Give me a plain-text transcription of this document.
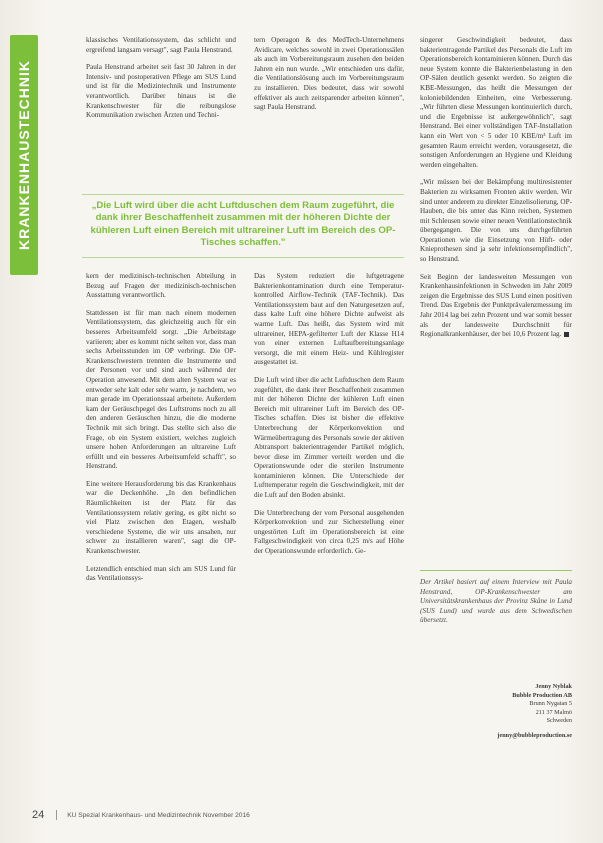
KRANKENHAUSTECHNIK

klassisches Ventilationssystem, das schlicht und ergreifend langsam versagt", sagt Paula Henstrand.

Paula Henstrand arbeitet seit fast 30 Jahren in der Intensiv- und postoperativen Pflege am SUS Lund und ist für die Medizintechnik und Instrumente verantwortlich. Darüber hinaus ist die Krankenschwester für die reibungslose Kommunikation zwischen Ärzten und Techni-

tern Operagon & des MedTech-Unternehmens Avidicare, welches sowohl in zwei Operationssälen als auch im Vorbereitungsraum zusehen den beiden Jahren ein nun wurde. „Wir entschieden uns dafür, die Ventilationslösung auch im Vorbereitungsraum zu installieren. Dies bedeutet, dass wir sowohl effektiver als auch zeitsparender arbeiten können", sagt Paula Henstrand.

„Die Luft wird über die acht Luftduschen dem Raum zugeführt, die dank ihrer Beschaffenheit zusammen mit der höheren Dichte der kühleren Luft einen Bereich mit ultrareiner Luft im Bereich des OP-Tisches schaffen."

kern der medizinisch-technischen Abteilung in Bezug auf Fragen der medizinisch-technischen Ausstattung verantwortlich.

Stattdessen ist für man nach einem modernen Ventilationssystem, das gleichzeitig auch für ein besseres Arbeitsumfeld sorgt. „Die Arbeitstage variieren; aber es kommt nicht selten vor, dass man sechs Arbeitsstunden im OP verbringt. Die OP-Krankenschwestern trennten die Instrumente und der Personen vor und sind auch während der Operation anwesend. Mit dem alten System war es entweder sehr kalt oder sehr warm, je nachdem, wo man gerade im Operationssaal arbeitete. Außerdem kam der Geräuschpegel des Luftstroms noch zu all den anderen Geräuschen hinzu, die die moderne Technik mit sich bringt. Das stellte sich also die Frage, ob ein System existiert, welches zugleich unsere hohen Anforderungen an ultrareine Luft erfüllt und ein besseres Arbeitsumfeld schafft", so Henstrand.

Eine weitere Herausforderung bis das Krankenhaus war die Deckenhöhe. „In den befindlichen Räumlichkeiten ist der Platz für das Ventilationssystem relativ gering, es gibt nicht so viel Platz zwischen den Etagen, weshalb verschiedene Systeme, die wir uns ansahen, nur schwer zu installieren waren", sagt die OP-Krankenschwester.

Letztendlich entschied man sich am SUS Lund für das Ventilationssys-

Das System reduziert die luftgetragene Bakterienkontamination durch eine Temperatur-kontrolled Airflow-Technik (TAF-Technik). Das Ventilationssystem baut auf den Naturgesetzen auf, dass kalte Luft eine höhere Dichte aufweist als warme Luft. Das heißt, das System wird mit ultrareiner, HEPA-gefilterter Luft der Klasse H14 von einer externen Luftaufbereitungsanlage versorgt, die mit einem Heiz- und Kühlregister ausgestattet ist.

Die Luft wird über die acht Luftduschen dem Raum zugeführt, die dank ihrer Beschaffenheit zusammen mit der höheren Dichte der kühleren Luft einen Bereich mit ultrareiner Luft im Bereich des OP-Tisches schaffen. Dies ist bisher die effektive Unterbrechung der Körperkonvektion und Wärmeübertragung des Personals sowie der aktiven Abtransport bakterientragender Partikel möglich, bevor diese im Zimmer verteilt werden und die Operationswunde oder die sterilen Instrumente kontaminieren können. Die Unterschiede der Lufttemperatur regeln die Geschwindigkeit, mit der die Luft auf den Boden absinkt.

Die Unterbrechung der vom Personal ausgehenden Körperkonvektion und zur Sicherstellung einer ungestörten Luft im Operationsbereich ist eine Fallgeschwindigkeit von circa 0,25 m/s auf Höhe der Operationswunde erforderlich. Ge-

singerer Geschwindigkeit bedeutet, dass bakterientragende Partikel des Personals die Luft im Operationsbereich kontaminieren können. Durch das neue System konnte die Bakterienbelastung in den OP-Sälen deutlich gesenkt werden. So zeigten die KBE-Messungen, das heißt die Messungen der koloniebildenden Einheiten, eine Verbesserung. „Wir führten diese Messungen kontinuierlich durch, und die Ergebnisse ist außergewöhnlich", sagt Henstrand. Bei einer vollständigen TAF-Installation kann ein Wert von < 5 oder 10 KBE/m³ Luft im gesamten Raum erreicht werden, vorausgesetzt, die sonstigen Anforderungen an Hygiene und Kleidung werden eingehalten.

„Wir müssen bei der Bekämpfung multiresistenter Bakterien zu wirksamen Fronten aktiv werden. Wir sind unter anderem zu direkter Einzelisolierung, OP-Hauben, die bis unter das Kinn reichen, Systemen mit Schleusen sowie einer neuen Ventilationstechnik übergegangen. Die von uns durchgeführten Operationen wie die Einsetzung von Hüft- oder Knieprothesen sind ja sehr infektionsempfindlich", so Henstrand.

Seit Beginn der landesweiten Messungen von Krankenhausinfektionen in Schweden im Jahr 2009 zeigen die Ergebnisse des SUS Lund einen positiven Trend. Das Ergebnis der Punktprävalenzmessung im Jahr 2014 lag bei zehn Prozent und war somit besser als der landesweite Durchschnitt für Regionalkrankenhäuser, der bei 10,6 Prozent lag.

Der Artikel basiert auf einem Interview mit Paula Henstrand, OP-Krankenschwester am Universitätskrankenhaus der Provinz Skåne in Lund (SUS Lund) und wurde aus dem Schwedischen übersetzt.
Jenny Nyblak
Bubble Production AB
Brunn Nygatan 5
211 37 Malmö
Schweden
jenny@bubbleproduction.se
24	KU Spezial Krankenhaus- und Medizintechnik November 2016
